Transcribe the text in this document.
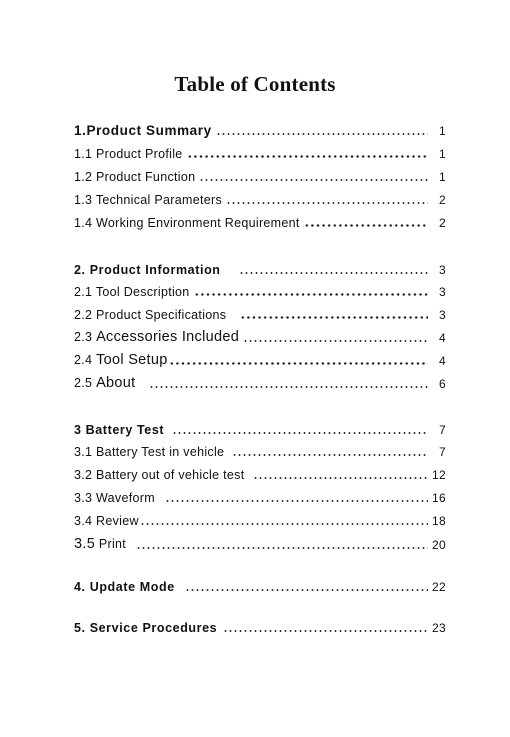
Table of Contents
1.Product Summary	1
1.1 Product Profile	1
1.2 Product Function	1
1.3 Technical Parameters	2
1.4 Working Environment Requirement	2
2. Product Information	3
2.1 Tool Description	3
2.2 Product Specifications	3
2.3 Accessories Included	4
2.4 Tool Setup	4
2.5 About	6
3 Battery Test	7
3.1 Battery Test in vehicle	7
3.2 Battery out of vehicle test	12
3.3 Waveform	16
3.4 Review	18
3.5 Print	20
4. Update Mode	22
5. Service Procedures	23
